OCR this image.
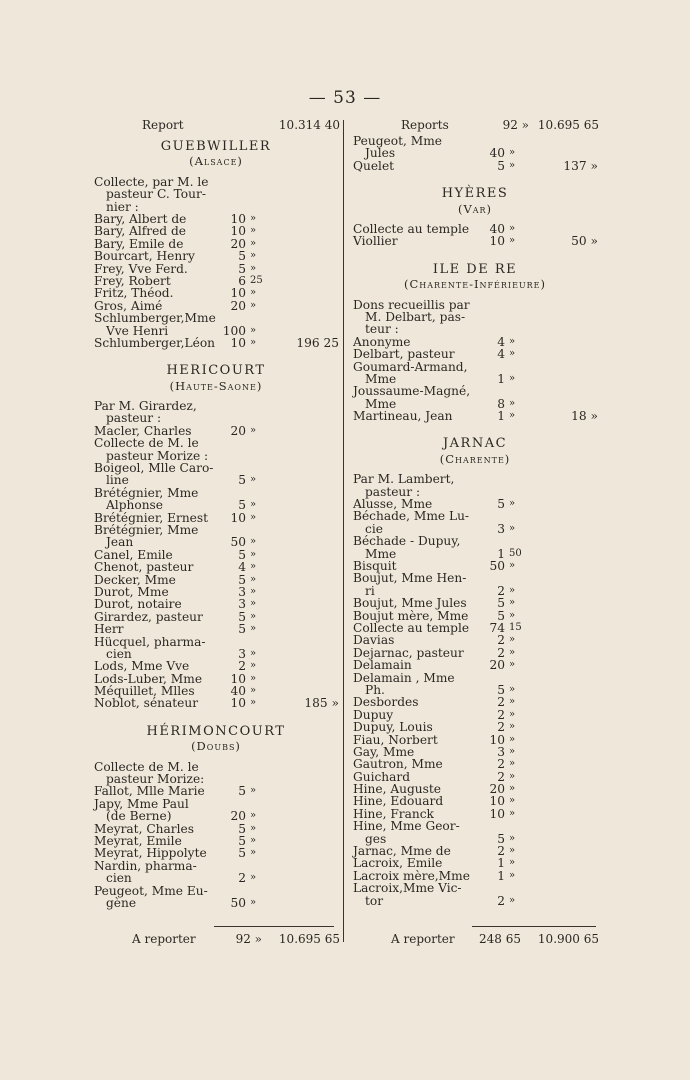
— 53 —
Report	10.314 40
GUEBWILLER
(Alsace)
Collecte, par M. le
pasteur C. Tour-
nier :
Bary, Albert de	10 »
Bary, Alfred de	10 »
Bary, Emile de	20 »
Bourcart, Henry	5 »
Frey, Vve Ferd.	5 »
Frey, Robert	6 25
Fritz, Théod.	10 »
Gros, Aimé	20 »
Schlumberger,Mme
Vve Henri	100 »
Schlumberger,Léon	10 »	196 25
HERICOURT
(Haute-Saone)
Par M. Girardez,
pasteur :
Macler, Charles	20 »
Collecte de M. le
pasteur Morize :
Boigeol, Mlle Caro-
line	5 »
Brétégnier, Mme
Alphonse	5 »
Brétégnier, Ernest	10 »
Brétégnier, Mme
Jean	50 »
Canel, Emile	5 »
Chenot, pasteur	4 »
Decker, Mme	5 »
Durot, Mme	3 »
Durot, notaire	3 »
Girardez, pasteur	5 »
Herr	5 »
Hücquel, pharma-
cien	3 »
Lods, Mme Vve	2 »
Lods-Luber, Mme	10 »
Méquillet, Mlles	40 »
Noblot, sénateur	10 »	185 »
HÉRIMONCOURT
(Doubs)
Collecte de M. le
pasteur Morize:
Fallot, Mlle Marie	5 »
Japy, Mme Paul
(de Berne)	20 »
Meyrat, Charles	5 »
Meyrat, Emile	5 »
Meyrat, Hippolyte	5 »
Nardin, pharma-
cien	2 »
Peugeot, Mme Eu-
gène	50 »
Reports	92 » 10.695 65
Peugeot, Mme
Jules	40 »
Quelet	5 »	137 »
HYÈRES
(Var)
Collecte au temple	40 »
Viollier	10 »	50 »
ILE DE RE
(Charente-Inférieure)
Dons recueillis par
M. Delbart, pas-
teur :
Anonyme	4 »
Delbart, pasteur	4 »
Goumard-Armand,
Mme	1 »
Joussaume-Magné,
Mme	8 »
Martineau, Jean	1 »	18 »
JARNAC
(Charente)
Par M. Lambert,
pasteur :
Alusse, Mme	5 »
Béchade, Mme Lu-
cie	3 »
Béchade - Dupuy,
Mme	1 50
Bisquit	50 »
Boujut, Mme Hen-
ri	2 »
Boujut, Mme Jules	5 »
Boujut mère, Mme	5 »
Collecte au temple	74 15
Davias	2 »
Dejarnac, pasteur	2 »
Delamain	20 »
Delamain , Mme
Ph.	5 »
Desbordes	2 »
Dupuy	2 »
Dupuy, Louis	2 »
Fiau, Norbert	10 »
Gay, Mme	3 »
Gautron, Mme	2 »
Guichard	2 »
Hine, Auguste	20 »
Hine, Edouard	10 »
Hine, Franck	10 »
Hine, Mme Geor-
ges	5 »
Jarnac, Mme de	2 »
Lacroix, Emile	1 »
Lacroix mère,Mme	1 »
Lacroix,Mme Vic-
tor	2 »
A reporter	92 »	10.695 65	A reporter	248 65	10.900 65
